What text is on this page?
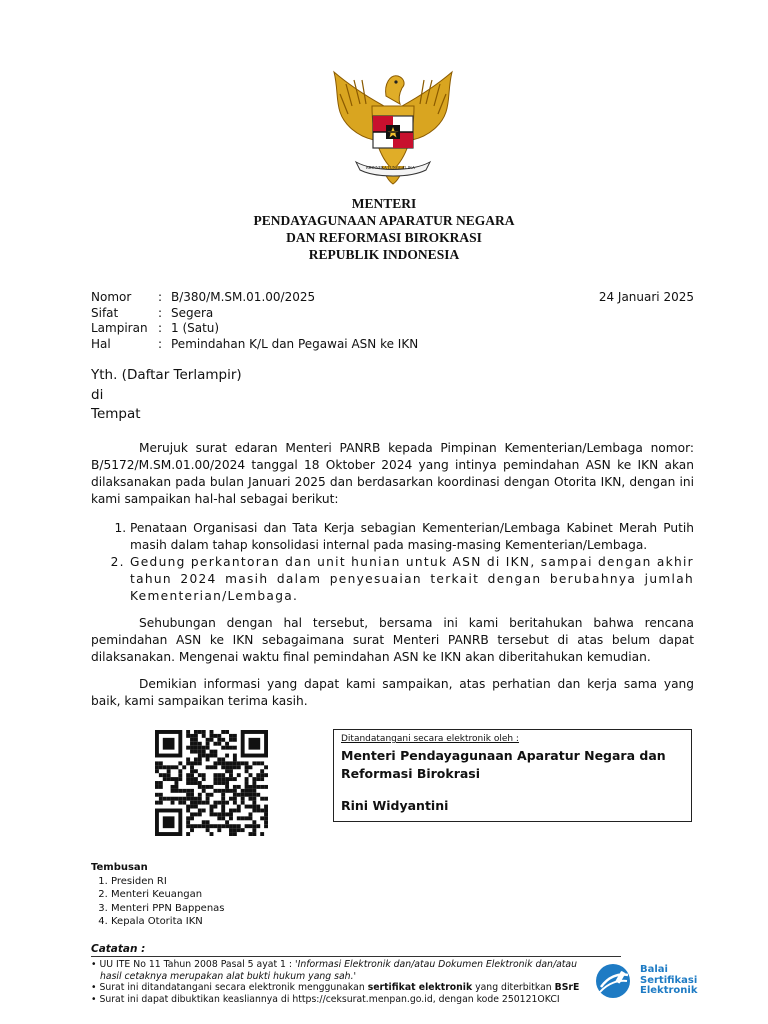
BHINNEKA TUNGGAL IKA
MENTERI
PENDAYAGUNAAN APARATUR NEGARA
DAN REFORMASI BIROKRASI
REPUBLIK INDONESIA
Nomor	: B/380/M.SM.01.00/2025
Sifat	: Segera
Lampiran : 1 (Satu)
Hal	: Pemindahan K/L dan Pegawai ASN ke IKN
24 Januari 2025
Yth. (Daftar Terlampir)
di
Tempat
Merujuk surat edaran Menteri PANRB kepada Pimpinan Kementerian/Lembaga nomor: B/5172/M.SM.01.00/2024 tanggal 18 Oktober 2024 yang intinya pemindahan ASN ke IKN akan dilaksanakan pada bulan Januari 2025 dan berdasarkan koordinasi dengan Otorita IKN, dengan ini kami sampaikan hal-hal sebagai berikut:
1. Penataan Organisasi dan Tata Kerja sebagian Kementerian/Lembaga Kabinet Merah Putih masih dalam tahap konsolidasi internal pada masing-masing Kementerian/Lembaga.
2. Gedung perkantoran dan unit hunian untuk ASN di IKN, sampai dengan akhir tahun 2024 masih dalam penyesuaian terkait dengan berubahnya jumlah Kementerian/Lembaga.
Sehubungan dengan hal tersebut, bersama ini kami beritahukan bahwa rencana pemindahan ASN ke IKN sebagaimana surat Menteri PANRB tersebut di atas belum dapat dilaksanakan. Mengenai waktu final pemindahan ASN ke IKN akan diberitahukan kemudian.
Demikian informasi yang dapat kami sampaikan, atas perhatian dan kerja sama yang baik, kami sampaikan terima kasih.
Ditandatangani secara elektronik oleh :
Menteri Pendayagunaan Aparatur Negara dan
Reformasi Birokrasi
Rini Widyantini
Tembusan
1. Presiden RI
2. Menteri Keuangan
3. Menteri PPN Bappenas
4. Kepala Otorita IKN
Catatan :
• UU ITE No 11 Tahun 2008 Pasal 5 ayat 1 : 'Informasi Elektronik dan/atau Dokumen Elektronik dan/atau
hasil cetaknya merupakan alat bukti hukum yang sah.'
• Surat ini ditandatangani secara elektronik menggunakan sertifikat elektronik yang diterbitkan BSrE
• Surat ini dapat dibuktikan keasliannya di https://ceksurat.menpan.go.id, dengan kode 250121OKCI
Balai
Sertifikasi
Elektronik
